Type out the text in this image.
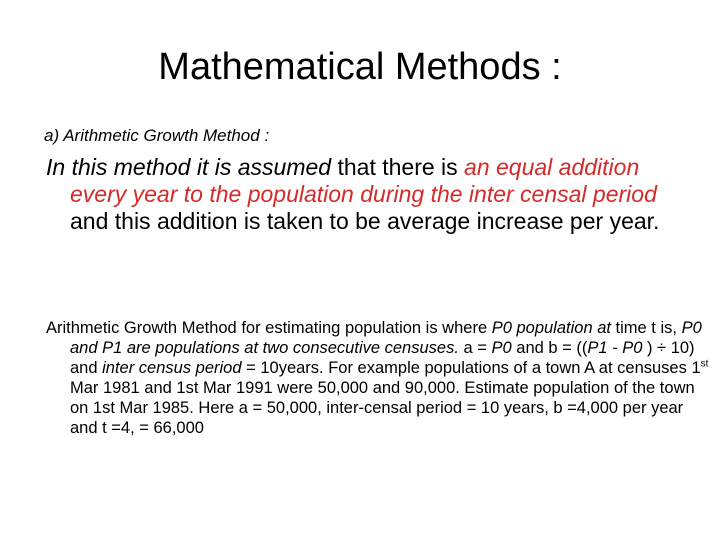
Mathematical Methods :
a) Arithmetic Growth Method :
In this method it is assumed that there is an equal addition every year to the population during the inter censal period and this addition is taken to be average increase per year.
Arithmetic Growth Method for estimating population is where P0 population at time t is, P0 and P1 are populations at two consecutive censuses. a = P0 and b = ((P1 - P0 ) ÷ 10) and inter census period = 10years. For example populations of a town A at censuses 1st Mar 1981 and 1st Mar 1991 were 50,000 and 90,000. Estimate population of the town on 1st Mar 1985. Here a = 50,000, inter-censal period = 10 years, b =4,000 per year and t =4, = 66,000
